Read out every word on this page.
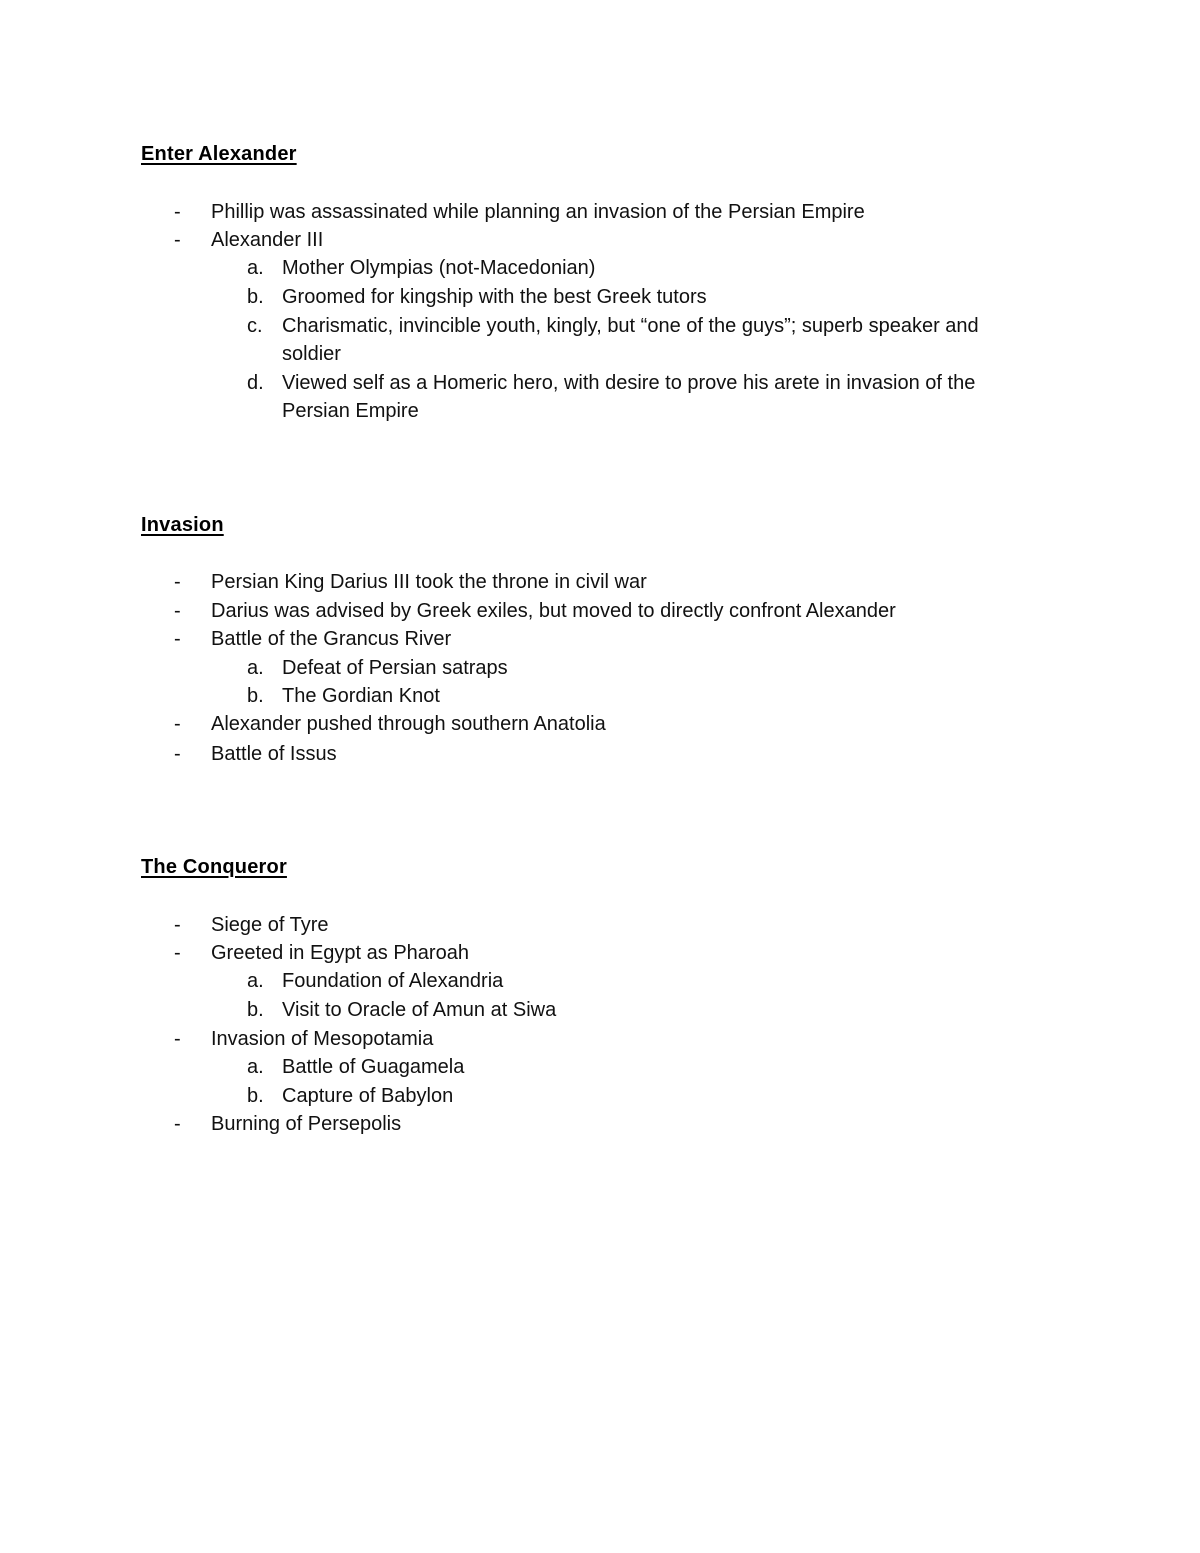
Enter Alexander
- Phillip was assassinated while planning an invasion of the Persian Empire
- Alexander III
a. Mother Olympias (not-Macedonian)
b. Groomed for kingship with the best Greek tutors
c. Charismatic, invincible youth, kingly, but “one of the guys”; superb speaker and
soldier
d. Viewed self as a Homeric hero, with desire to prove his arete in invasion of the
Persian Empire
Invasion
- Persian King Darius III took the throne in civil war
- Darius was advised by Greek exiles, but moved to directly confront Alexander
- Battle of the Grancus River
a. Defeat of Persian satraps
b. The Gordian Knot
- Alexander pushed through southern Anatolia
- Battle of Issus
The Conqueror
- Siege of Tyre
- Greeted in Egypt as Pharoah
a. Foundation of Alexandria
b. Visit to Oracle of Amun at Siwa
- Invasion of Mesopotamia
a. Battle of Guagamela
b. Capture of Babylon
- Burning of Persepolis
